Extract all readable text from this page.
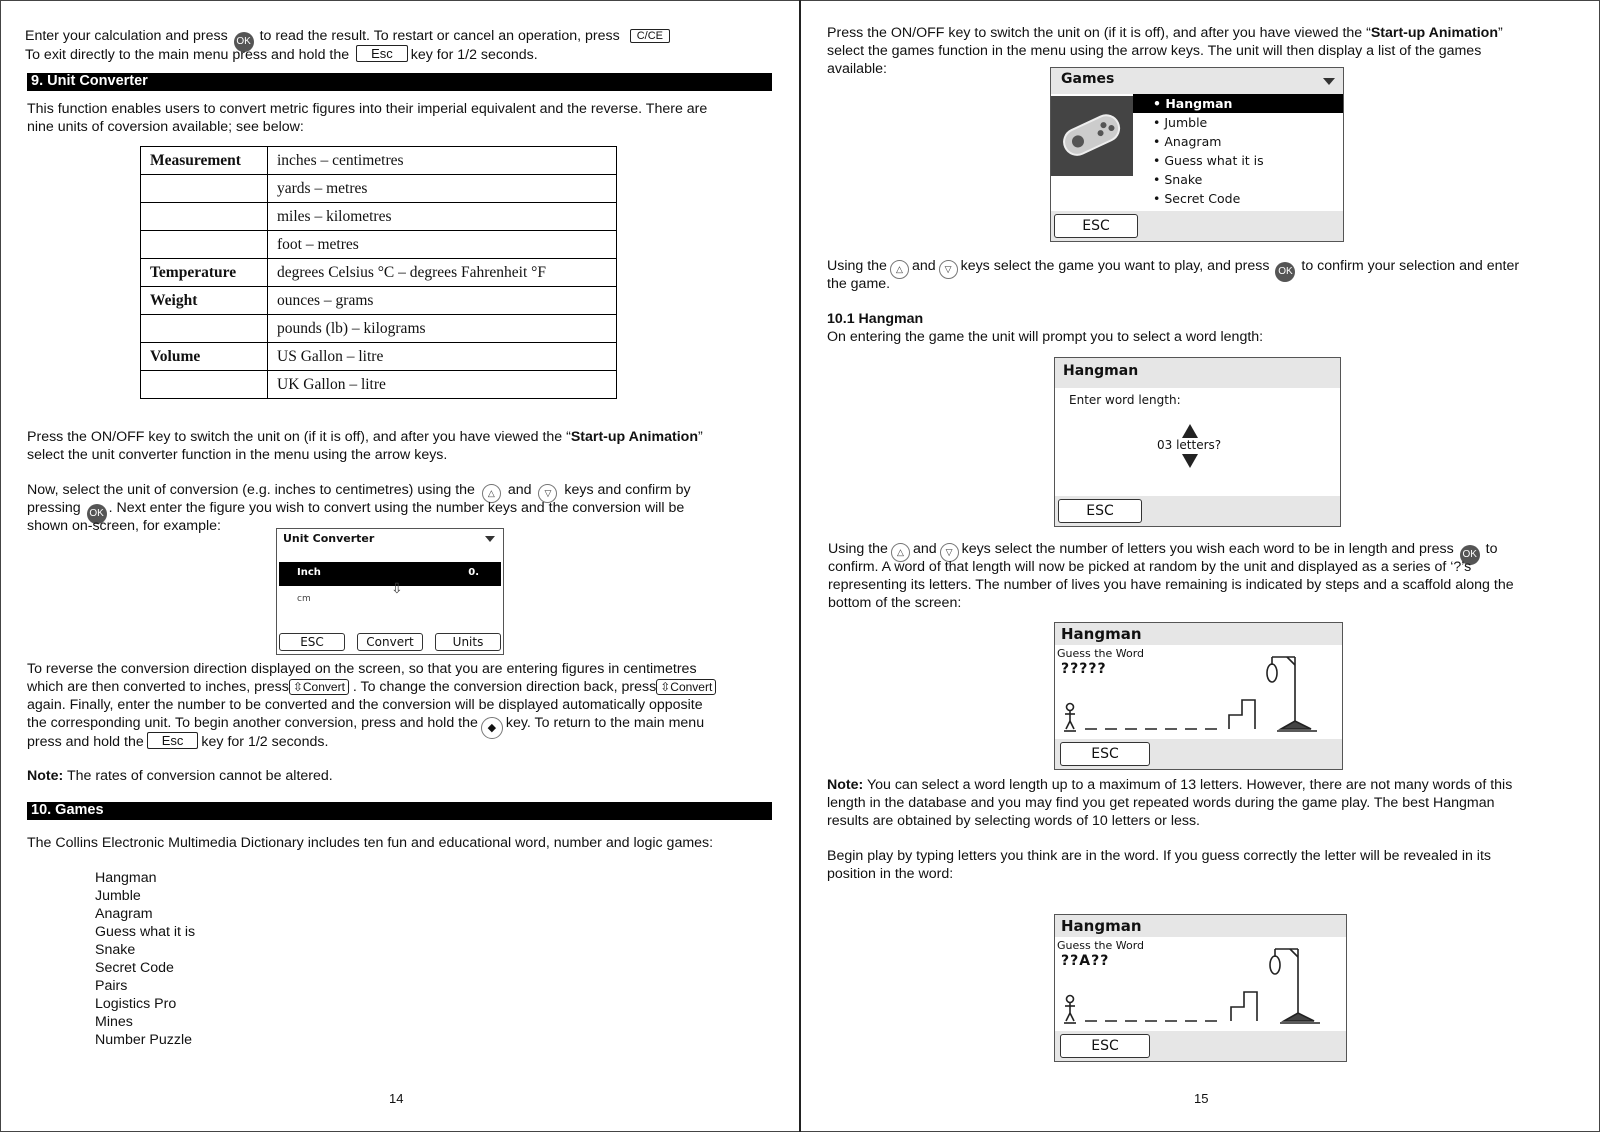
Enter your calculation and press OK to read the result. To restart or cancel an operation, press C/CE
To exit directly to the main menu press and hold the Esc key for 1/2 seconds.
9. Unit Converter
This function enables users to convert metric figures into their imperial equivalent and the reverse. There are
nine units of coversion available; see below:
Measurement	inches – centimetres
	yards – metres
	miles – kilometres
	foot – metres
Temperature	degrees Celsius °C – degrees Fahrenheit °F
Weight	ounces – grams
	pounds (lb) – kilograms
Volume	US Gallon – litre
	UK Gallon – litre
Press the ON/OFF key to switch the unit on (if it is off), and after you have viewed the “Start-up Animation”
select the unit converter function in the menu using the arrow keys.
Now, select the unit of conversion (e.g. inches to centimetres) using the △ and ▽ keys and confirm by
pressing OK . Next enter the figure you wish to convert using the number keys and the conversion will be
shown on-screen, for example:
Unit Converter
Inch	0.
cm
⇩
ESC	Convert	Units
To reverse the conversion direction displayed on the screen, so that you are entering figures in centimetres
which are then converted to inches, press ⇳Convert . To change the conversion direction back, press ⇳Convert
again. Finally, enter the number to be converted and the conversion will be displayed automatically opposite
the corresponding unit. To begin another conversion, press and hold the ◆ key. To return to the main menu
press and hold the Esc key for 1/2 seconds.
Note: The rates of conversion cannot be altered.
10. Games
The Collins Electronic Multimedia Dictionary includes ten fun and educational word, number and logic games:
Hangman
Jumble
Anagram
Guess what it is
Snake
Secret Code
Pairs
Logistics Pro
Mines
Number Puzzle
14
Press the ON/OFF key to switch the unit on (if it is off), and after you have viewed the “Start-up Animation”
select the games function in the menu using the arrow keys. The unit will then display a list of the games
available:
Games
• Hangman
• Jumble
• Anagram
• Guess what it is
• Snake
• Secret Code
ESC
Using the △ and ▽ keys select the game you want to play, and press OK to confirm your selection and enter
the game.
10.1 Hangman
On entering the game the unit will prompt you to select a word length:
Hangman
Enter word length:
03 letters?
ESC
Using the △ and ▽ keys select the number of letters you wish each word to be in length and press OK to
confirm. A word of that length will now be picked at random by the unit and displayed as a series of ‘?’s
representing its letters. The number of lives you have remaining is indicated by steps and a scaffold along the
bottom of the screen:
Hangman
Guess the Word
?????
ESC
Note: You can select a word length up to a maximum of 13 letters. However, there are not many words of this
length in the database and you may find you get repeated words during the game play. The best Hangman
results are obtained by selecting words of 10 letters or less.
Begin play by typing letters you think are in the word. If you guess correctly the letter will be revealed in its
position in the word:
Hangman
Guess the Word
??A??
ESC
15
